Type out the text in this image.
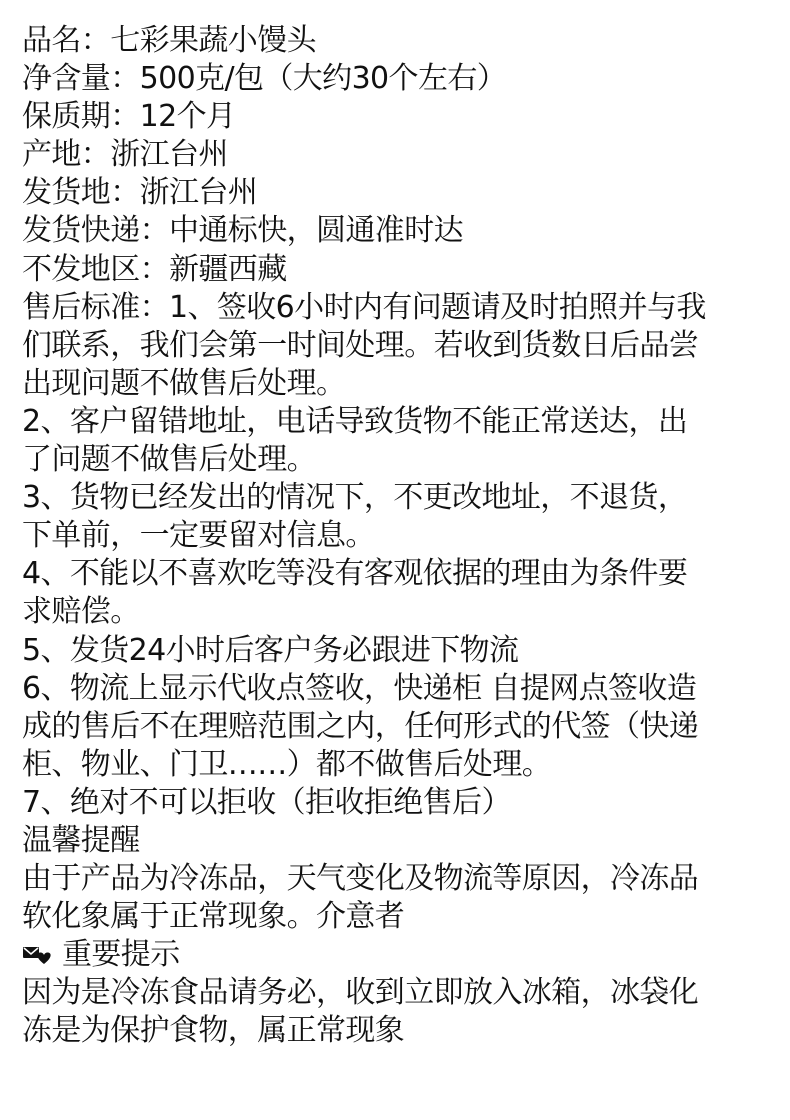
品名：七彩果蔬小馒头
净含量：500克/包（大约30个左右）
保质期：12个月
产地：浙江台州
发货地：浙江台州
发货快递：中通标快，圆通准时达
不发地区：新疆西藏
售后标准：1、签收6小时内有问题请及时拍照并与我
们联系，我们会第一时间处理。若收到货数日后品尝
出现问题不做售后处理。
2、客户留错地址，电话导致货物不能正常送达，出
了问题不做售后处理。
3、货物已经发出的情况下，不更改地址，不退货，
下单前，一定要留对信息。
4、不能以不喜欢吃等没有客观依据的理由为条件要
求赔偿。
5、发货24小时后客户务必跟进下物流
6、物流上显示代收点签收，快递柜 自提网点签收造
成的售后不在理赔范围之内，任何形式的代签（快递
柜、物业、门卫……）都不做售后处理。
7、绝对不可以拒收（拒收拒绝售后）
温馨提醒
由于产品为冷冻品，天气变化及物流等原因，冷冻品
软化象属于正常现象。介意者
重要提示
因为是冷冻食品请务必，收到立即放入冰箱，冰袋化
冻是为保护食物，属正常现象
